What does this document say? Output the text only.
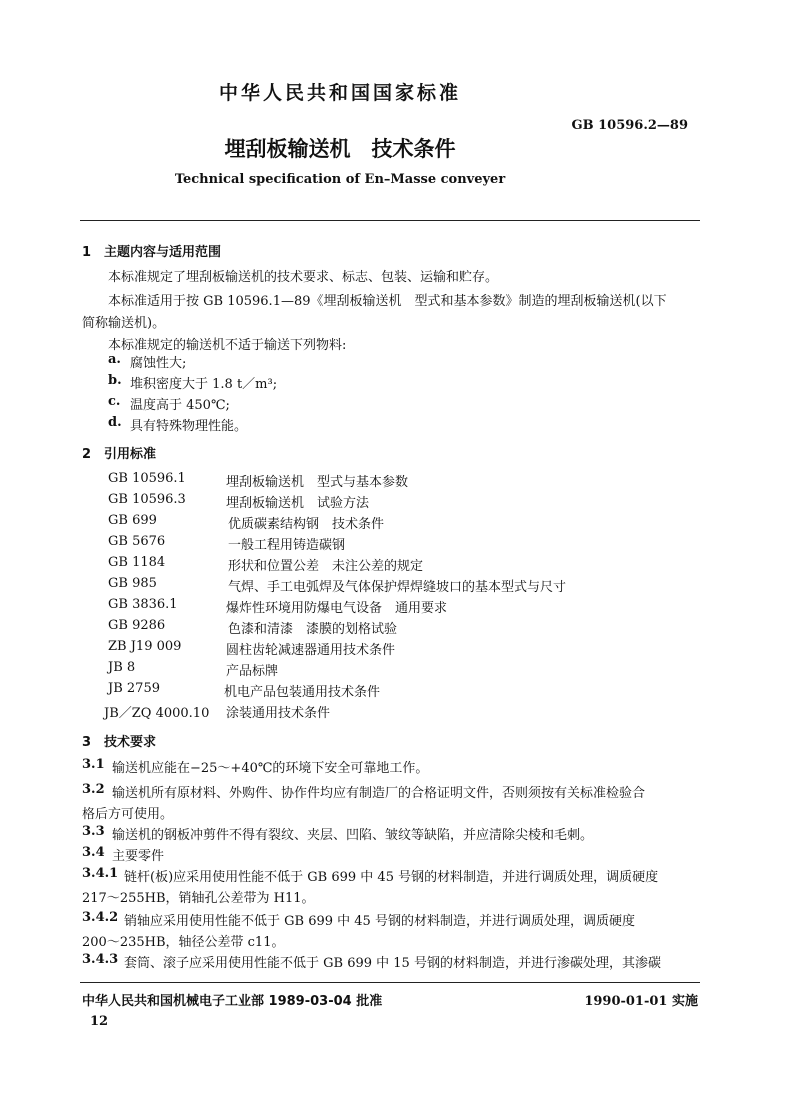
中华人民共和国国家标准
GB 10596.2—89
埋刮板输送机　技术条件
Technical specification of En–Masse conveyer
1　主题内容与适用范围
本标准规定了埋刮板输送机的技术要求、标志、包装、运输和贮存。
本标准适用于按 GB 10596.1—89《埋刮板输送机　型式和基本参数》制造的埋刮板输送机(以下
简称输送机)。
本标准规定的输送机不适于输送下列物料:
a. 腐蚀性大;
b. 堆积密度大于 1.8 t／m³;
c. 温度高于 450℃;
d. 具有特殊物理性能。
2　引用标准
GB 10596.1	埋刮板输送机　型式与基本参数
GB 10596.3	埋刮板输送机　试验方法
GB 699	优质碳素结构钢　技术条件
GB 5676	一般工程用铸造碳钢
GB 1184	形状和位置公差　未注公差的规定
GB 985	气焊、手工电弧焊及气体保护焊焊缝坡口的基本型式与尺寸
GB 3836.1	爆炸性环境用防爆电气设备　通用要求
GB 9286	色漆和清漆　漆膜的划格试验
ZB J19 009	圆柱齿轮减速器通用技术条件
JB 8	产品标牌
JB 2759	机电产品包装通用技术条件
JB／ZQ 4000.10 涂装通用技术条件
3　技术要求
3.1 输送机应能在−25～+40℃的环境下安全可靠地工作。
3.2 输送机所有原材料、外购件、协作件均应有制造厂的合格证明文件，否则须按有关标准检验合
格后方可使用。
3.3 输送机的钢板冲剪件不得有裂纹、夹层、凹陷、皱纹等缺陷，并应清除尖棱和毛刺。
3.4 主要零件
3.4.1 链杆(板)应采用使用性能不低于 GB 699 中 45 号钢的材料制造，并进行调质处理，调质硬度
217～255HB，销轴孔公差带为 H11。
3.4.2 销轴应采用使用性能不低于 GB 699 中 45 号钢的材料制造，并进行调质处理，调质硬度
200～235HB，轴径公差带 c11。
3.4.3 套筒、滚子应采用使用性能不低于 GB 699 中 15 号钢的材料制造，并进行渗碳处理，其渗碳
中华人民共和国机械电子工业部 1989-03-04 批准	1990-01-01 实施
12
